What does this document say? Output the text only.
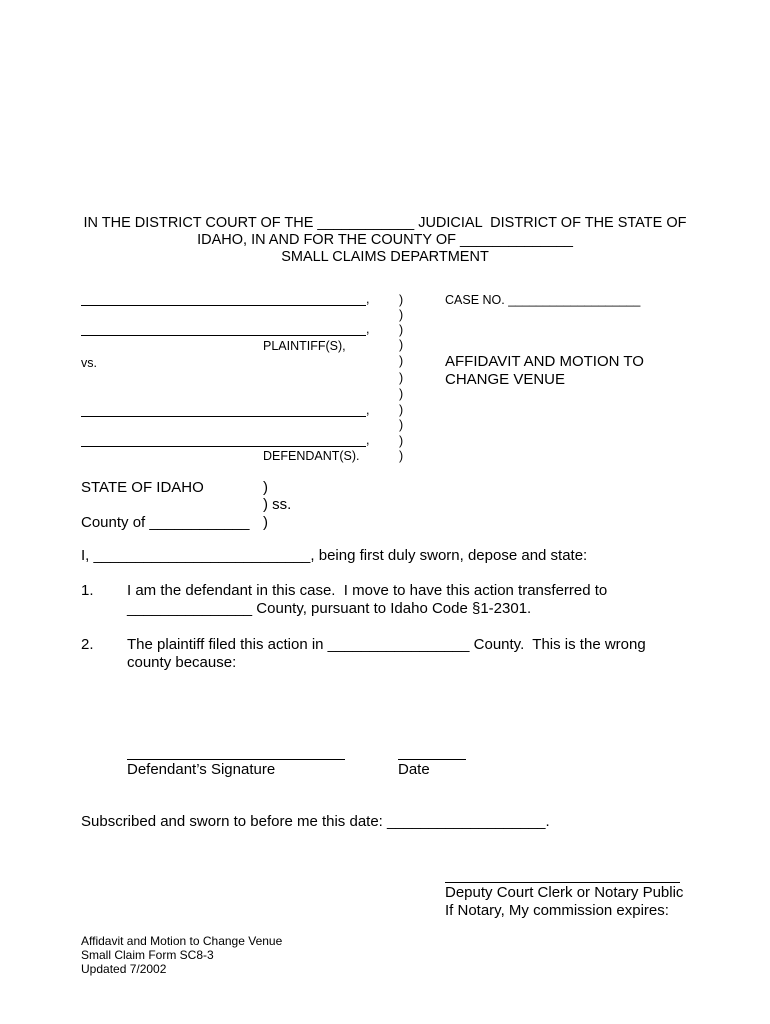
IN THE DISTRICT COURT OF THE ____________ JUDICIAL  DISTRICT OF THE STATE OF
IDAHO, IN AND FOR THE COUNTY OF ______________
SMALL CLAIMS DEPARTMENT
,
,
PLAINTIFF(S),
vs.
,
,
DEFENDANT(S).
)
)
)
)
)
)
)
)
)
)
)
CASE NO. ___________________
AFFIDAVIT AND MOTION TO
CHANGE VENUE
STATE OF IDAHO	)
) ss.
County of ____________ )
I, __________________________, being first duly sworn, depose and state:
1. I am the defendant in this case.  I move to have this action transferred to
_______________ County, pursuant to Idaho Code §1-2301.
2. The plaintiff filed this action in _________________ County.  This is the wrong
county because:
Defendant’s Signature	Date
Subscribed and sworn to before me this date: ___________________.
Deputy Court Clerk or Notary Public
If Notary, My commission expires:
Affidavit and Motion to Change Venue
Small Claim Form SC8-3
Updated 7/2002
